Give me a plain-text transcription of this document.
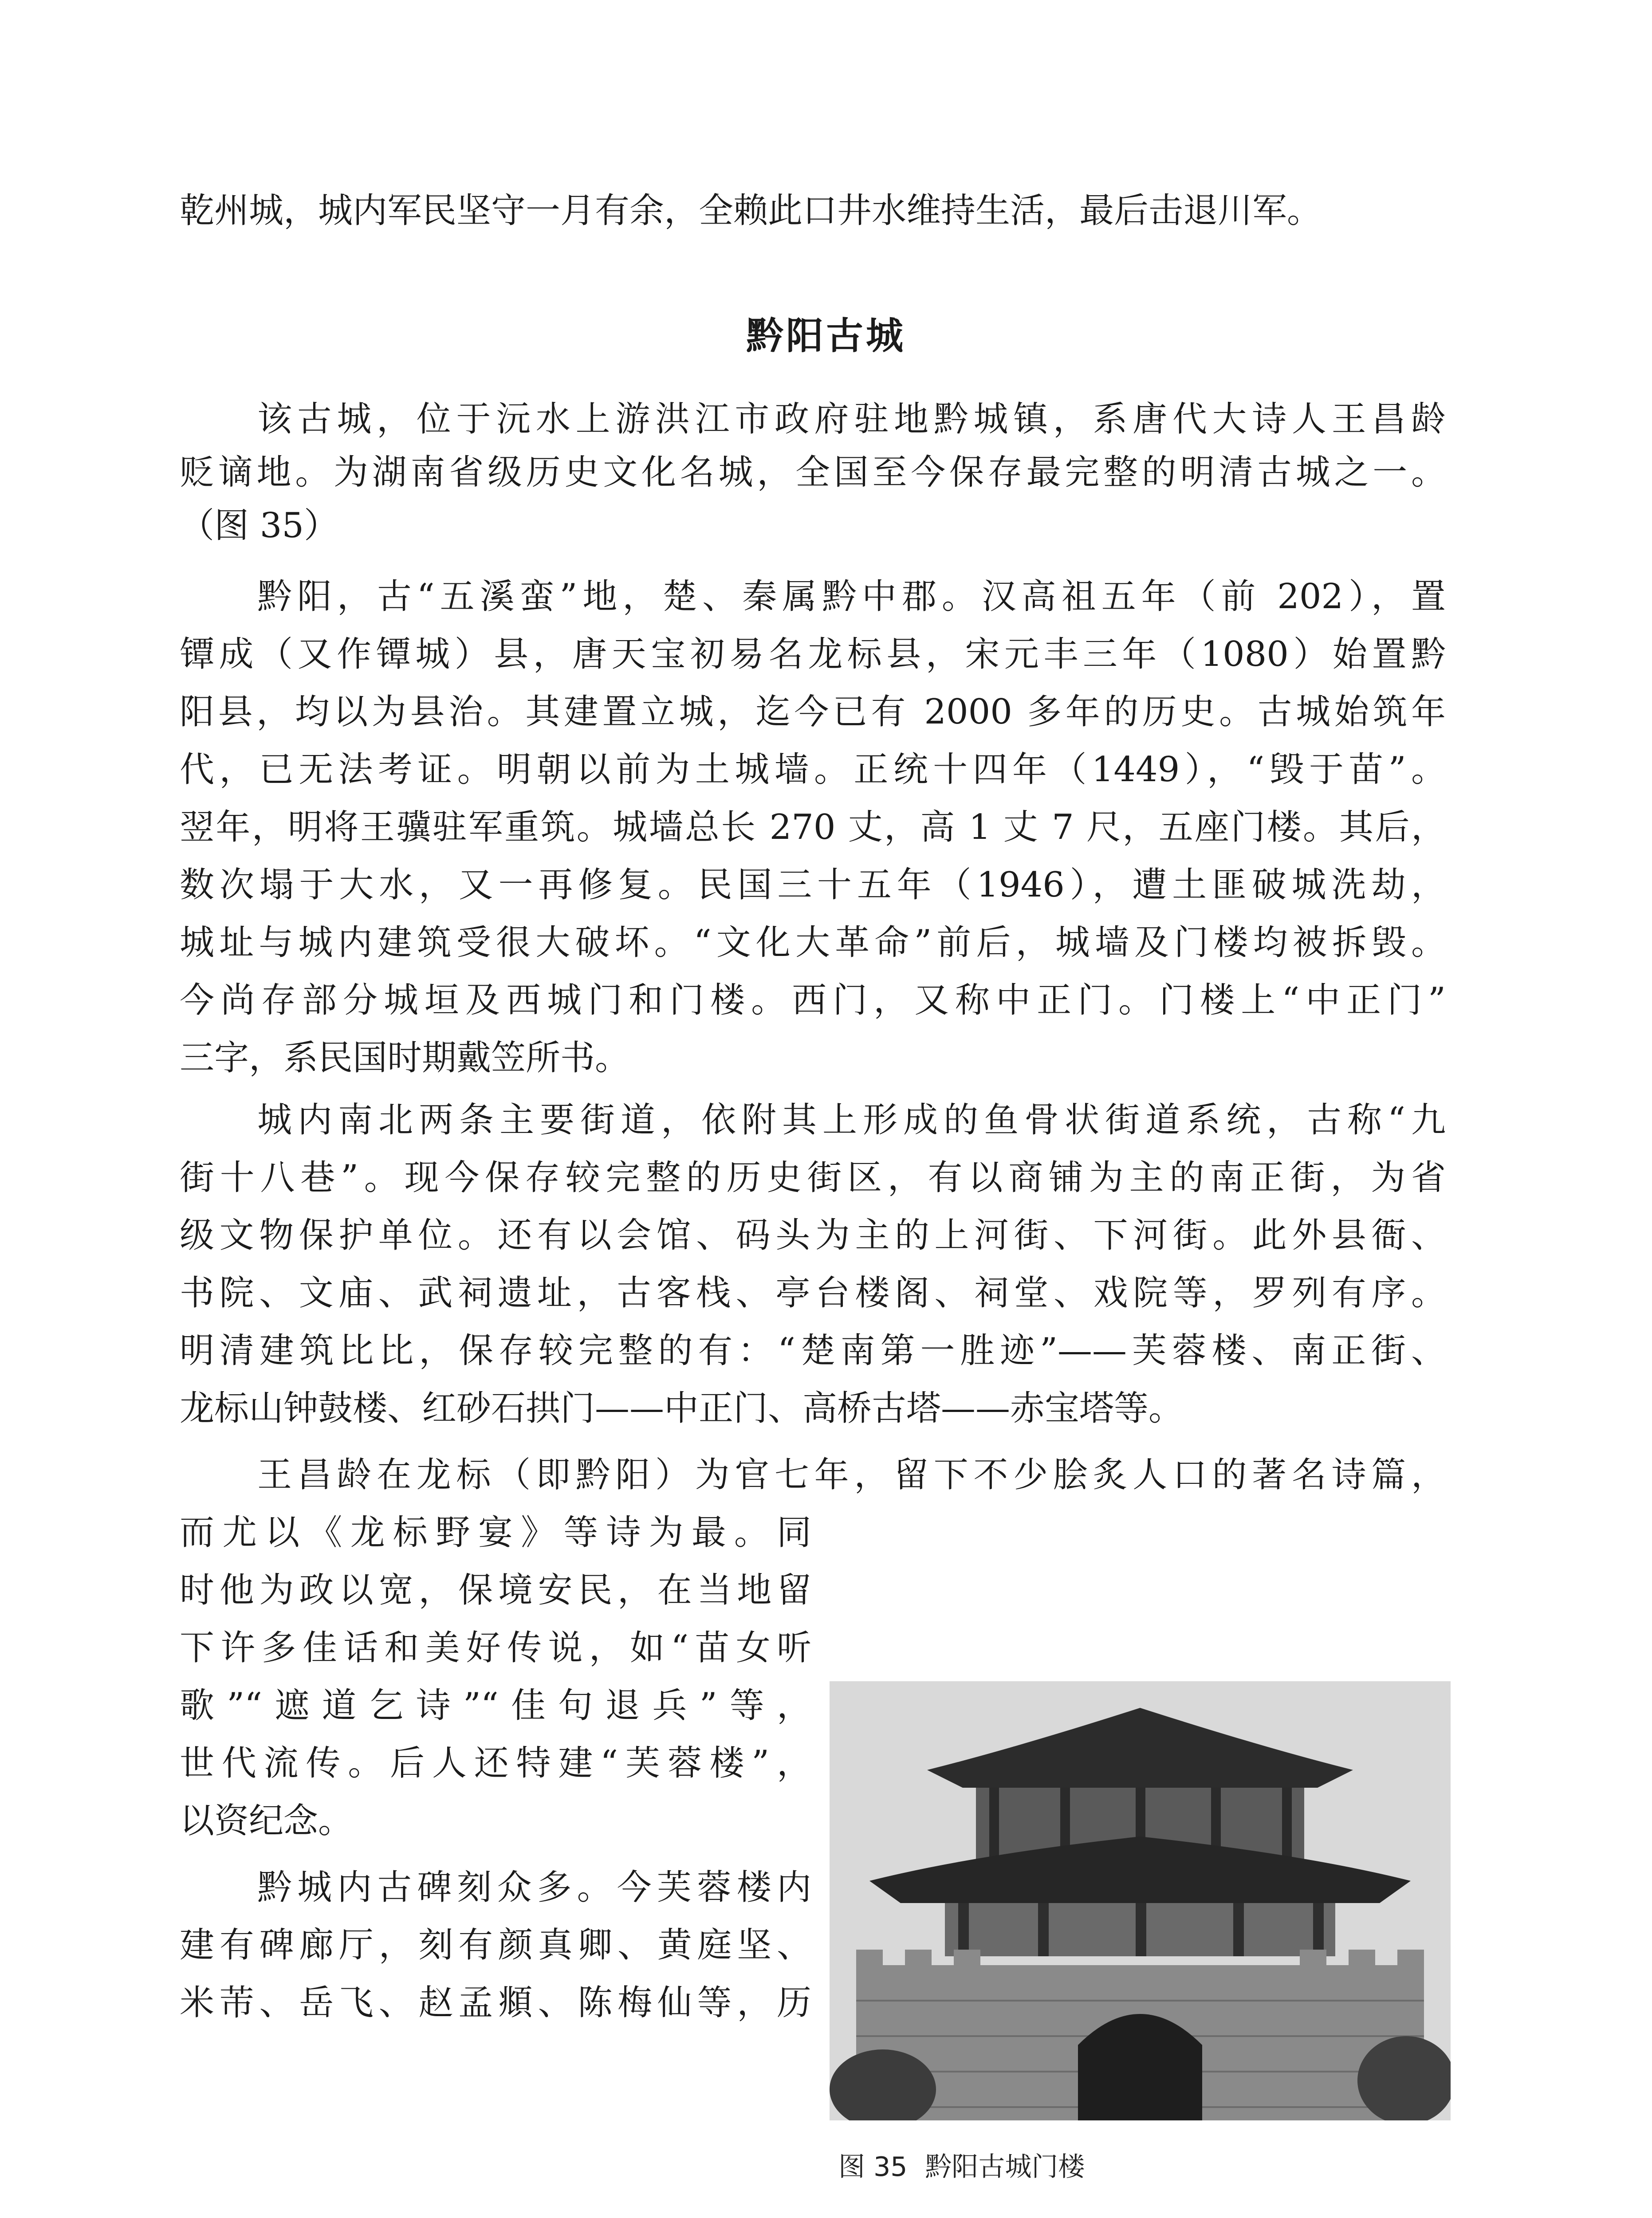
乾州城，城内军民坚守一月有余，全赖此口井水维持生活，最后击退川军。
黔阳古城
该古城，位于沅水上游洪江市政府驻地黔城镇，系唐代大诗人王昌龄
贬谪地。为湖南省级历史文化名城，全国至今保存最完整的明清古城之一。
（图 35）
黔阳，古“五溪蛮”地，楚、秦属黔中郡。汉高祖五年（前 202），置
镡成（又作镡城）县，唐天宝初易名龙标县，宋元丰三年（1080）始置黔
阳县，均以为县治。其建置立城，迄今已有 2000 多年的历史。古城始筑年
代，已无法考证。明朝以前为土城墙。正统十四年（1449），“毁于苗”。
翌年，明将王骥驻军重筑。城墙总长 270 丈，高 1 丈 7 尺，五座门楼。其后，
数次塌于大水，又一再修复。民国三十五年（1946），遭土匪破城洗劫，
城址与城内建筑受很大破坏。“文化大革命”前后，城墙及门楼均被拆毁。
今尚存部分城垣及西城门和门楼。西门，又称中正门。门楼上“中正门”
三字，系民国时期戴笠所书。
城内南北两条主要街道，依附其上形成的鱼骨状街道系统，古称“九
街十八巷”。现今保存较完整的历史街区，有以商铺为主的南正街，为省
级文物保护单位。还有以会馆、码头为主的上河街、下河街。此外县衙、
书院、文庙、武祠遗址，古客栈、亭台楼阁、祠堂、戏院等，罗列有序。
明清建筑比比，保存较完整的有：“楚南第一胜迹”——芙蓉楼、南正街、
龙标山钟鼓楼、红砂石拱门——中正门、高桥古塔——赤宝塔等。
王昌龄在龙标（即黔阳）为官七年，留下不少脍炙人口的著名诗篇，
而尤以《龙标野宴》等诗为最。同
时他为政以宽，保境安民，在当地留
下许多佳话和美好传说，如“苗女听
歌”“遮道乞诗”“佳句退兵”等，
世代流传。后人还特建“芙蓉楼”，
以资纪念。
黔城内古碑刻众多。今芙蓉楼内
建有碑廊厅，刻有颜真卿、黄庭坚、
米芾、岳飞、赵孟頫、陈梅仙等，历
图 35 黔阳古城门楼
